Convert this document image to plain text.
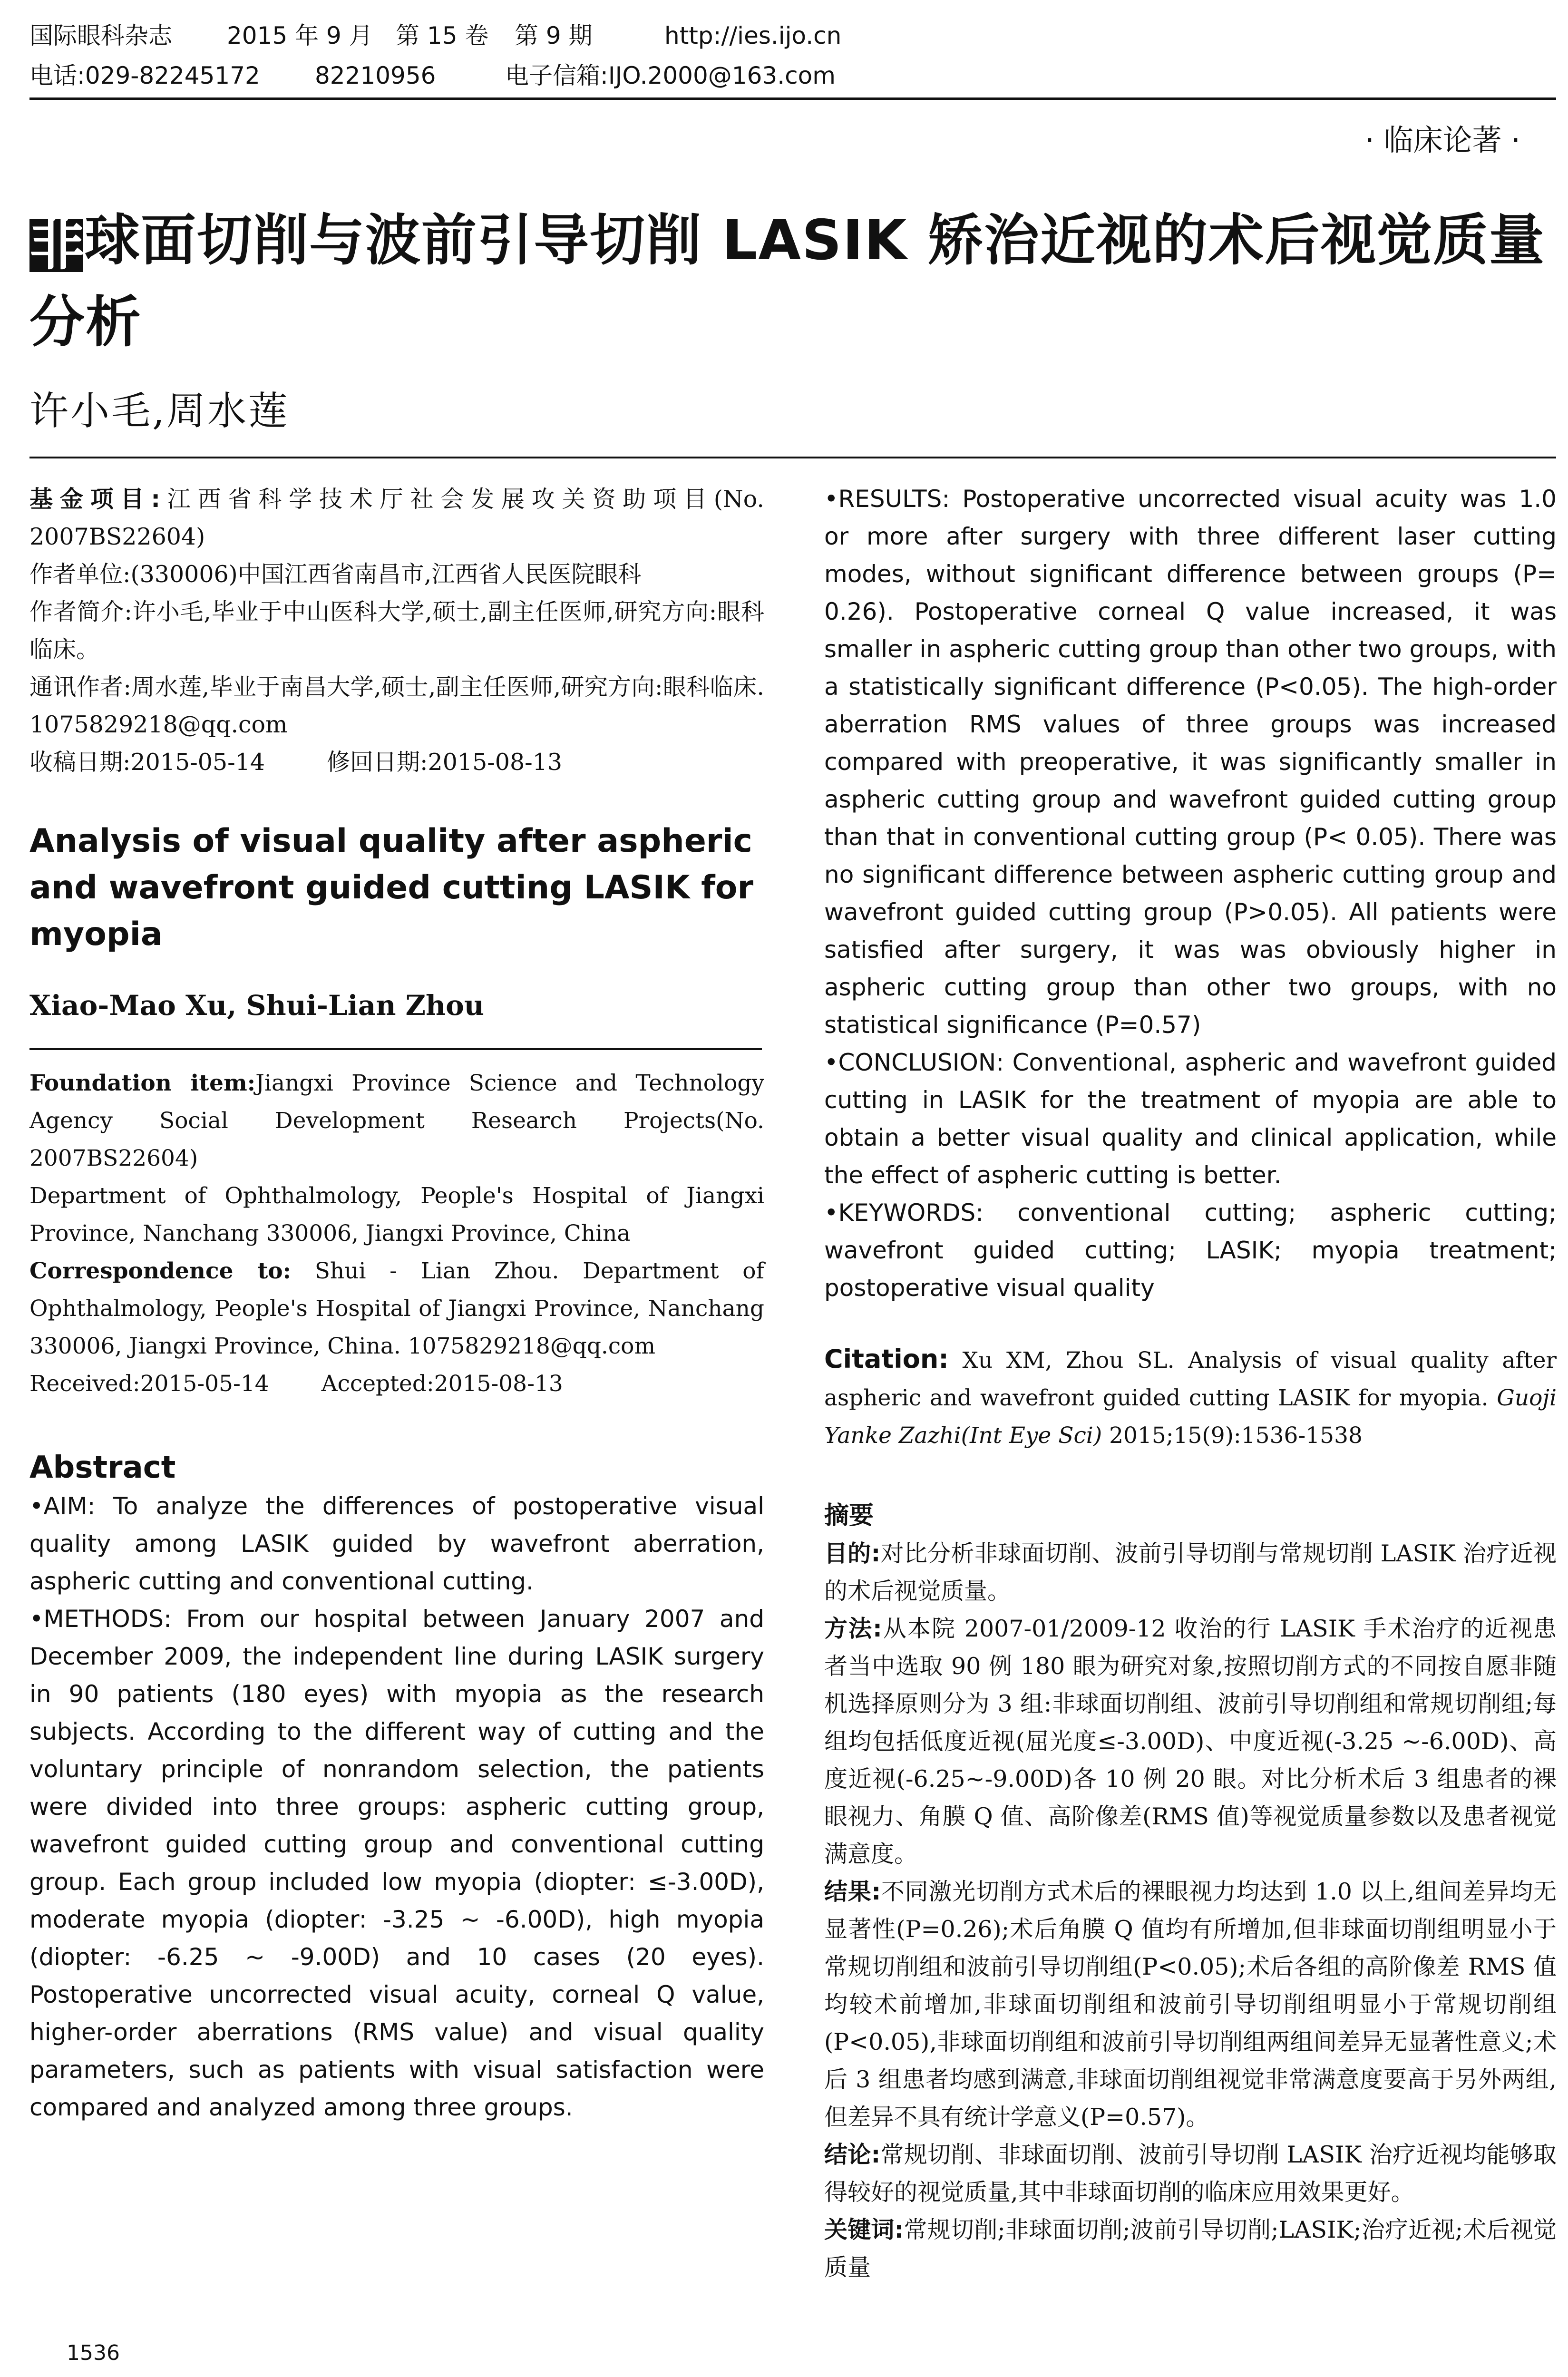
国际眼科杂志 2015 年 9 月 第 15 卷 第 9 期	http://ies.ijo.cn
电话:029-82245172 82210956	电子信箱:IJO.2000@163.com
· 临床论著 ·
非球面切削与波前引导切削 LASIK 矫治近视的术后视觉质量分析
许小毛,周水莲

基金项目:江西省科学技术厅社会发展攻关资助项目(No. 2007BS22604)

作者单位:(330006)中国江西省南昌市,江西省人民医院眼科

作者简介:许小毛,毕业于中山医科大学,硕士,副主任医师,研究方向:眼科临床。

通讯作者:周水莲,毕业于南昌大学,硕士,副主任医师,研究方向:眼科临床. 1075829218@qq.com

收稿日期:2015-05-14	修回日期:2015-08-13

Analysis of visual quality after aspheric and wavefront guided cutting LASIK for myopia

Xiao-Mao Xu, Shui-Lian Zhou

Foundation item:Jiangxi Province Science and Technology Agency Social Development Research Projects(No. 2007BS22604)

Department of Ophthalmology, People's Hospital of Jiangxi Province, Nanchang 330006, Jiangxi Province, China

Correspondence to: Shui - Lian Zhou. Department of Ophthalmology, People's Hospital of Jiangxi Province, Nanchang 330006, Jiangxi Province, China. 1075829218@qq.com

Received:2015-05-14 Accepted:2015-08-13

Abstract

• AIM: To analyze the differences of postoperative visual quality among LASIK guided by wavefront aberration, aspheric cutting and conventional cutting.

• METHODS: From our hospital between January 2007 and December 2009, the independent line during LASIK surgery in 90 patients (180 eyes) with myopia as the research subjects. According to the different way of cutting and the voluntary principle of nonrandom selection, the patients were divided into three groups: aspheric cutting group, wavefront guided cutting group and conventional cutting group. Each group included low myopia (diopter: ≤-3.00D), moderate myopia (diopter: -3.25 ~ -6.00D), high myopia (diopter: -6.25 ~ -9.00D) and 10 cases (20 eyes). Postoperative uncorrected visual acuity, corneal Q value, higher-order aberrations (RMS value) and visual quality parameters, such as patients with visual satisfaction were compared and analyzed among three groups.

• RESULTS: Postoperative uncorrected visual acuity was 1.0 or more after surgery with three different laser cutting modes, without significant difference between groups (P= 0.26). Postoperative corneal Q value increased, it was smaller in aspheric cutting group than other two groups, with a statistically significant difference (P<0.05). The high-order aberration RMS values of three groups was increased compared with preoperative, it was significantly smaller in aspheric cutting group and wavefront guided cutting group than that in conventional cutting group (P< 0.05). There was no significant difference between aspheric cutting group and wavefront guided cutting group (P>0.05). All patients were satisfied after surgery, it was was obviously higher in aspheric cutting group than other two groups, with no statistical significance (P=0.57)

• CONCLUSION: Conventional, aspheric and wavefront guided cutting in LASIK for the treatment of myopia are able to obtain a better visual quality and clinical application, while the effect of aspheric cutting is better.

• KEYWORDS: conventional cutting; aspheric cutting; wavefront guided cutting; LASIK; myopia treatment; postoperative visual quality

Citation: Xu XM, Zhou SL. Analysis of visual quality after aspheric and wavefront guided cutting LASIK for myopia. Guoji Yanke Zazhi(Int Eye Sci) 2015;15(9):1536-1538

摘要

目的:对比分析非球面切削、波前引导切削与常规切削 LASIK 治疗近视的术后视觉质量。

方法:从本院 2007-01/2009-12 收治的行 LASIK 手术治疗的近视患者当中选取 90 例 180 眼为研究对象,按照切削方式的不同按自愿非随机选择原则分为 3 组:非球面切削组、波前引导切削组和常规切削组;每组均包括低度近视(屈光度≤-3.00D)、中度近视(-3.25 ~-6.00D)、高度近视(-6.25~-9.00D)各 10 例 20 眼。对比分析术后 3 组患者的裸眼视力、角膜 Q 值、高阶像差(RMS 值)等视觉质量参数以及患者视觉满意度。

结果:不同激光切削方式术后的裸眼视力均达到 1.0 以上,组间差异均无显著性(P=0.26);术后角膜 Q 值均有所增加,但非球面切削组明显小于常规切削组和波前引导切削组(P<0.05);术后各组的高阶像差 RMS 值均较术前增加,非球面切削组和波前引导切削组明显小于常规切削组(P<0.05),非球面切削组和波前引导切削组两组间差异无显著性意义;术后 3 组患者均感到满意,非球面切削组视觉非常满意度要高于另外两组,但差异不具有统计学意义(P=0.57)。

结论:常规切削、非球面切削、波前引导切削 LASIK 治疗近视均能够取得较好的视觉质量,其中非球面切削的临床应用效果更好。

关键词:常规切削;非球面切削;波前引导切削;LASIK;治疗近视;术后视觉质量

1536
